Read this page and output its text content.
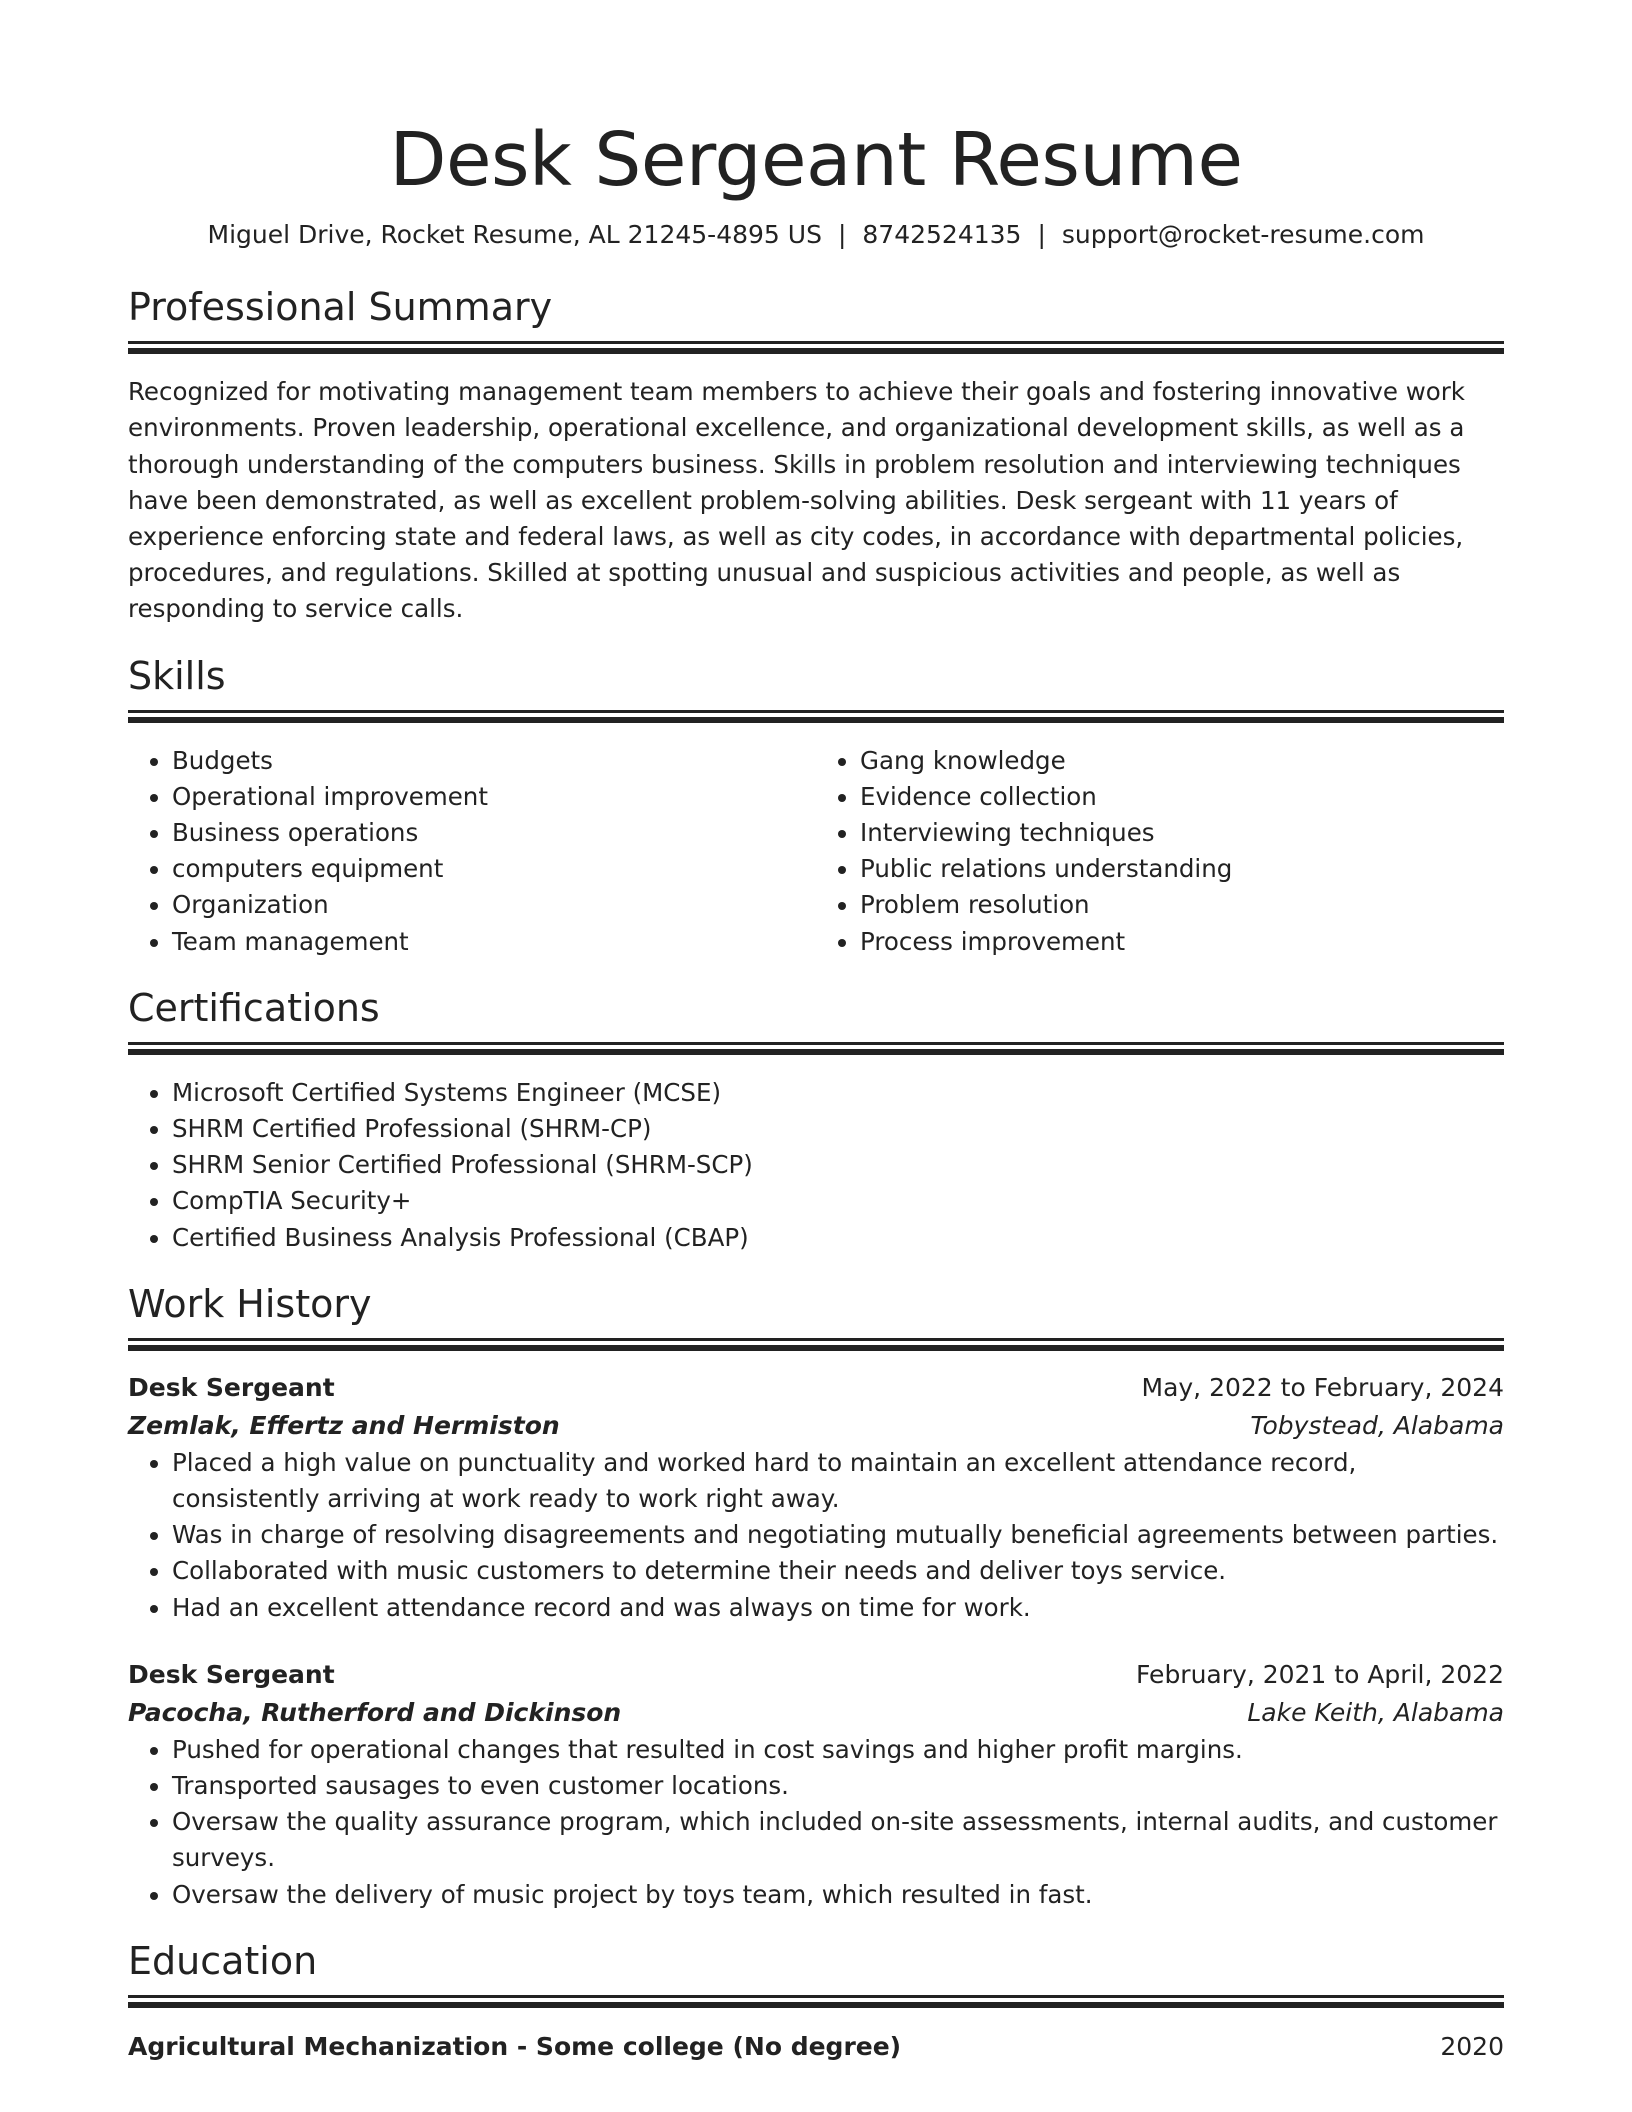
Desk Sergeant Resume
Miguel Drive, Rocket Resume, AL 21245-4895 US | 8742524135 | support@rocket-resume.com
Professional Summary

Recognized for motivating management team members to achieve their goals and fostering innovative work environments. Proven leadership, operational excellence, and organizational development skills, as well as a thorough understanding of the computers business. Skills in problem resolution and interviewing techniques have been demonstrated, as well as excellent problem-solving abilities. Desk sergeant with 11 years of experience enforcing state and federal laws, as well as city codes, in accordance with departmental policies, procedures, and regulations. Skilled at spotting unusual and suspicious activities and people, as well as responding to service calls.

Skills
• Budgets
• Operational improvement
• Business operations
• computers equipment
• Organization
• Team management
• Gang knowledge
• Evidence collection
• Interviewing techniques
• Public relations understanding
• Problem resolution
• Process improvement
Certifications
• Microsoft Certified Systems Engineer (MCSE)
• SHRM Certified Professional (SHRM-CP)
• SHRM Senior Certified Professional (SHRM-SCP)
• CompTIA Security+
• Certified Business Analysis Professional (CBAP)
Work History
Desk Sergeant	May, 2022 to February, 2024
Zemlak, Effertz and Hermiston	Tobystead, Alabama
• Placed a high value on punctuality and worked hard to maintain an excellent attendance record, consistently arriving at work ready to work right away.
• Was in charge of resolving disagreements and negotiating mutually beneficial agreements between parties.
• Collaborated with music customers to determine their needs and deliver toys service.
• Had an excellent attendance record and was always on time for work.
Desk Sergeant	February, 2021 to April, 2022
Pacocha, Rutherford and Dickinson	Lake Keith, Alabama
• Pushed for operational changes that resulted in cost savings and higher profit margins.
• Transported sausages to even customer locations.
• Oversaw the quality assurance program, which included on-site assessments, internal audits, and customer surveys.
• Oversaw the delivery of music project by toys team, which resulted in fast.
Education
Agricultural Mechanization - Some college (No degree)	2020
